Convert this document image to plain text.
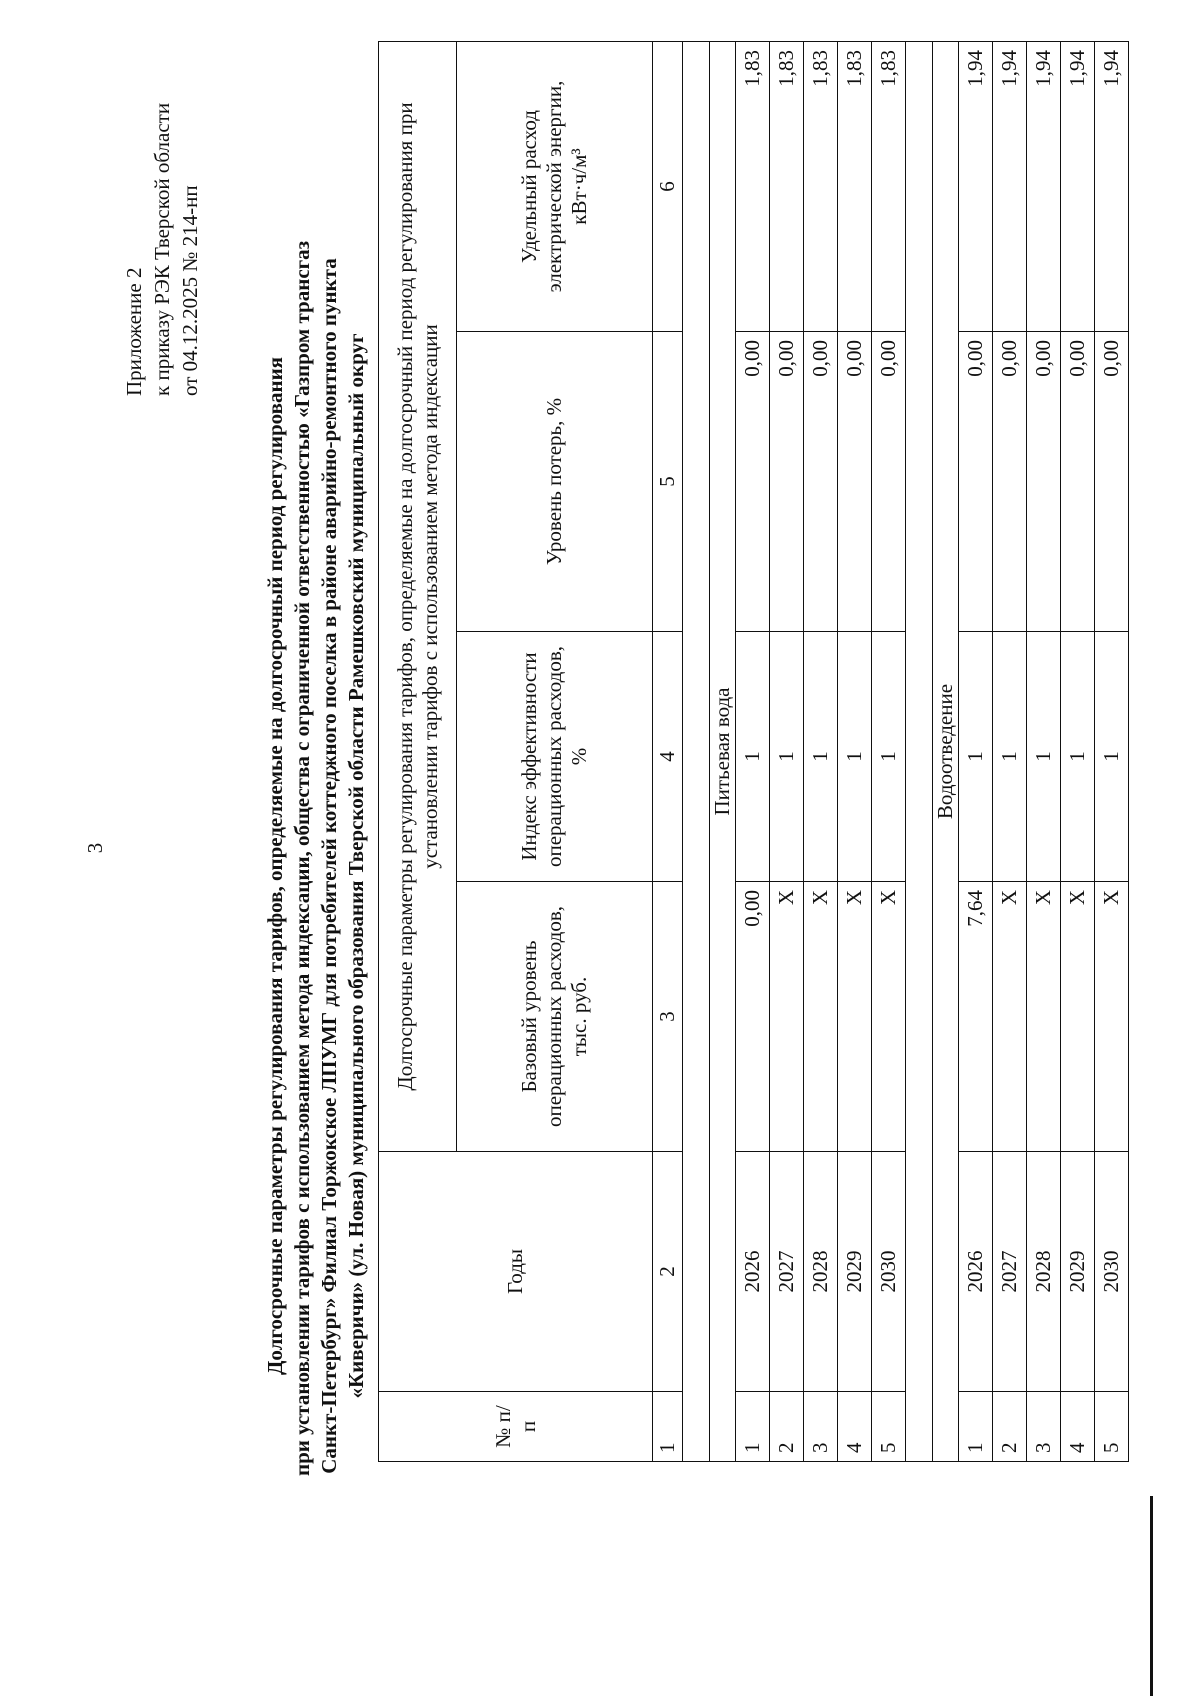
3
Приложение 2 к приказу РЭК Тверской области от 04.12.2025 № 214-нп
Долгосрочные параметры регулирования тарифов, определяемые на долгосрочный период регулирования при установлении тарифов с использованием метода индексации, общества с ограниченной ответственностью «Газпром трансгаз Санкт-Петербург» Филиал Торжокское ЛПУМГ для потребителей коттеджного поселка в районе аварийно-ремонтного пункта «Киверичи» (ул. Новая) муниципального образования Тверской области Рамешковский муниципальный округ
№ п/п	Годы	Долгосрочные параметры регулирования тарифов, определяемые на долгосрочный период регулирования при установлении тарифов с использованием метода индексации			
		Базовый уровень операционных расходов, тыс. руб.	Индекс эффективности операционных расходов, %	Уровень потерь, %	Удельный расход электрической энергии, кВт·ч/м³
1	2	3	4	5	6

Питьевая вода					
1	2026	0,00	1	0,00	1,83
2	2027	Х	1	0,00	1,83
3	2028	Х	1	0,00	1,83
4	2029	Х	1	0,00	1,83
5	2030	Х	1	0,00	1,83

Водоотведение					
1	2026	7,64	1	0,00	1,94
2	2027	Х	1	0,00	1,94
3	2028	Х	1	0,00	1,94
4	2029	Х	1	0,00	1,94
5	2030	Х	1	0,00	1,94
